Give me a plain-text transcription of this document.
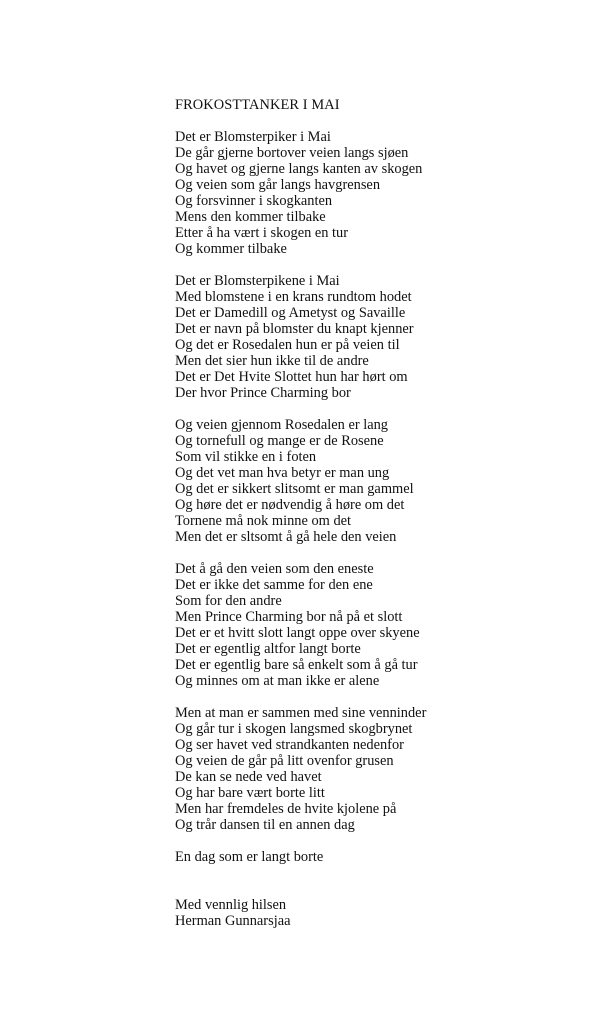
FROKOSTTANKER I MAI
Det er Blomsterpiker i Mai
De går gjerne bortover veien langs sjøen
Og havet og gjerne langs kanten av skogen
Og veien som går langs havgrensen
Og forsvinner i skogkanten
Mens den kommer tilbake
Etter å ha vært i skogen en tur
Og kommer tilbake
Det er Blomsterpikene i Mai
Med blomstene i en krans rundtom hodet
Det er Damedill og Ametyst og Savaille
Det er navn på blomster du knapt kjenner
Og det er Rosedalen hun er på veien til
Men det sier hun ikke til de andre
Det er Det Hvite Slottet hun har hørt om
Der hvor Prince Charming bor
Og veien gjennom Rosedalen er lang
Og tornefull og mange er de Rosene
Som vil stikke en i foten
Og det vet man hva betyr er man ung
Og det er sikkert slitsomt er man gammel
Og høre det er nødvendig å høre om det
Tornene må nok minne om det
Men det er sltsomt å gå hele den veien
Det å gå den veien som den eneste
Det er ikke det samme for den ene
Som for den andre
Men Prince Charming bor nå på et slott
Det er et hvitt slott langt oppe over skyene
Det er egentlig altfor langt borte
Det er egentlig bare så enkelt som å gå tur
Og minnes om at man ikke er alene
Men at man er sammen med sine venninder
Og går tur i skogen langsmed skogbrynet
Og ser havet ved strandkanten nedenfor
Og veien de går på litt ovenfor grusen
De kan se nede ved havet
Og har bare vært borte litt
Men har fremdeles de hvite kjolene på
Og trår dansen til en annen dag
En dag som er langt borte
Med vennlig hilsen
Herman Gunnarsjaa
